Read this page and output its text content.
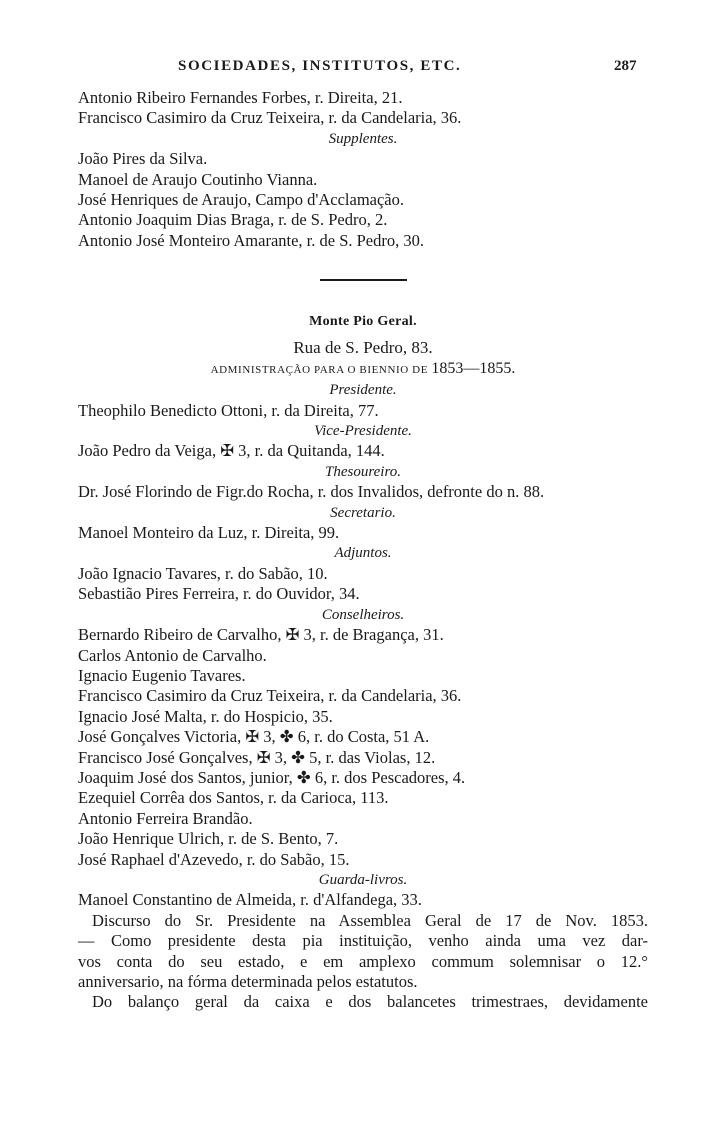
SOCIEDADES, INSTITUTOS, ETC.	287
Antonio Ribeiro Fernandes Forbes, r. Direita, 21.
Francisco Casimiro da Cruz Teixeira, r. da Candelaria, 36.
Supplentes.
João Pires da Silva.
Manoel de Araujo Coutinho Vianna.
José Henriques de Araujo, Campo d'Acclamação.
Antonio Joaquim Dias Braga, r. de S. Pedro, 2.
Antonio José Monteiro Amarante, r. de S. Pedro, 30.
Monte Pio Geral.
Rua de S. Pedro, 83.
ADMINISTRAÇÃO PARA O BIENNIO DE 1853—1855.
Presidente.
Theophilo Benedicto Ottoni, r. da Direita, 77.
Vice-Presidente.
João Pedro da Veiga, ✠ 3, r. da Quitanda, 144.
Thesoureiro.
Dr. José Florindo de Figr.do Rocha, r. dos Invalidos, defronte do n. 88.
Secretario.
Manoel Monteiro da Luz, r. Direita, 99.
Adjuntos.
João Ignacio Tavares, r. do Sabão, 10.
Sebastião Pires Ferreira, r. do Ouvidor, 34.
Conselheiros.
Bernardo Ribeiro de Carvalho, ✠ 3, r. de Bragança, 31.
Carlos Antonio de Carvalho.
Ignacio Eugenio Tavares.
Francisco Casimiro da Cruz Teixeira, r. da Candelaria, 36.
Ignacio José Malta, r. do Hospicio, 35.
José Gonçalves Victoria, ✠ 3, ✤ 6, r. do Costa, 51 A.
Francisco José Gonçalves, ✠ 3, ✤ 5, r. das Violas, 12.
Joaquim José dos Santos, junior, ✤ 6, r. dos Pescadores, 4.
Ezequiel Corrêa dos Santos, r. da Carioca, 113.
Antonio Ferreira Brandão.
João Henrique Ulrich, r. de S. Bento, 7.
José Raphael d'Azevedo, r. do Sabão, 15.
Guarda-livros.
Manoel Constantino de Almeida, r. d'Alfandega, 33.
Discurso do Sr. Presidente na Assemblea Geral de 17 de Nov. 1853.
— Como presidente desta pia instituição, venho ainda uma vez dar-
vos conta do seu estado, e em amplexo commum solemnisar o 12.°
anniversario, na fórma determinada pelos estatutos.
Do balanço geral da caixa e dos balancetes trimestraes, devidamente
